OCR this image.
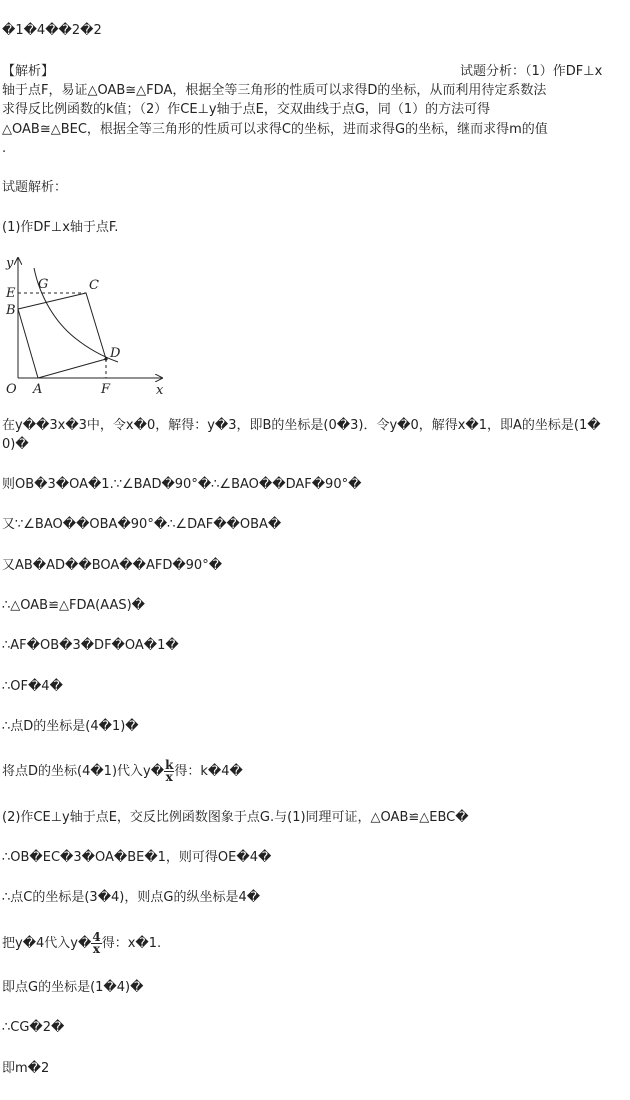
�1�4��2�2
【解析】	试题分析：（1）作DF⊥x
轴于点F，易证△OAB≅△FDA，根据全等三角形的性质可以求得D的坐标，从而利用待定系数法
求得反比例函数的k值；（2）作CE⊥y轴于点E，交双曲线于点G，同（1）的方法可得
△OAB≅△BEC，根据全等三角形的性质可以求得C的坐标，进而求得G的坐标，继而求得m的值
.
试题解析：
(1)作DF⊥x轴于点F.
y
E
G	C
B
D
O A	F	x
在y��3x�3中，令x�0，解得：y�3，即B的坐标是(0�3)．令y�0，解得x�1，即A的坐标是(1�
0)�
则OB�3�OA�1.∵∠BAD�90°�∴∠BAO��DAF�90°�
又∵∠BAO��OBA�90°�∴∠DAF��OBA�
又AB�AD��BOA��AFD�90°�
∴△OAB≌△FDA(AAS)�
∴AF�OB�3�DF�OA�1�
∴OF�4�
∴点D的坐标是(4�1)�
将点D的坐标(4�1)代入y� $\frac{k}{x}$ 得：k�4�
(2)作CE⊥y轴于点E，交反比例函数图象于点G.与(1)同理可证，△OAB≌△EBC�
∴OB�EC�3�OA�BE�1，则可得OE�4�
∴点C的坐标是(3�4)，则点G的纵坐标是4�
把y�4代入y� $\frac{4}{x}$ 得：x�1.
即点G的坐标是(1�4)�
∴CG�2�
即m�2
